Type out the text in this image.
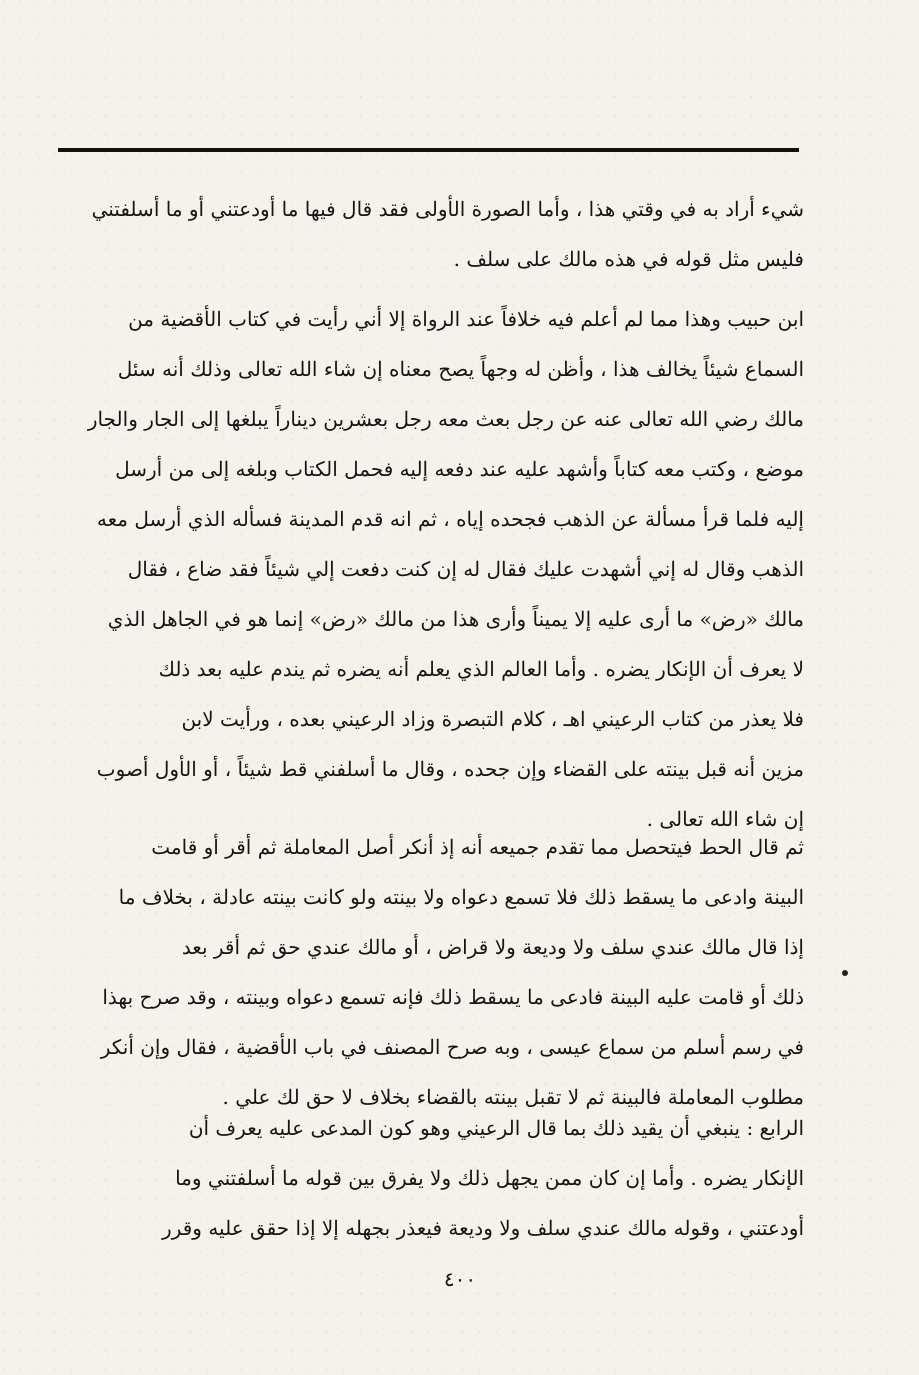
شيء أراد به في وقتي هذا ، وأما الصورة الأولى فقد قال فيها ما أودعتني أو ما أسلفتني
فليس مثل قوله في هذه مالك على سلف .

ابن حبيب وهذا مما لم أعلم فيه خلافاً عند الرواة إلا أني رأيت في كتاب الأقضية من
السماع شيئاً يخالف هذا ، وأظن له وجهاً يصح معناه إن شاء الله تعالى وذلك أنه سئل
مالك رضي الله تعالى عنه عن رجل بعث معه رجل بعشرين ديناراً يبلغها إلى الجار والجار
موضع ، وكتب معه كتاباً وأشهد عليه عند دفعه إليه فحمل الكتاب وبلغه إلى من أرسل
إليه فلما قرأ مسألة عن الذهب فجحده إياه ، ثم انه قدم المدينة فسأله الذي أرسل معه
الذهب وقال له إني أشهدت عليك فقال له إن كنت دفعت إلي شيئاً فقد ضاع ، فقال
مالك «رض» ما أرى عليه إلا يميناً وأرى هذا من مالك «رض» إنما هو في الجاهل الذي
لا يعرف أن الإنكار يضره . وأما العالم الذي يعلم أنه يضره ثم يندم عليه بعد ذلك
فلا يعذر من كتاب الرعيني اهـ ، كلام التبصرة وزاد الرعيني بعده ، ورأيت لابن
مزين أنه قبل بينته على القضاء وإن جحده ، وقال ما أسلفني قط شيئاً ، أو الأول أصوب
إن شاء الله تعالى .

ثم قال الحط فيتحصل مما تقدم جميعه أنه إذ أنكر أصل المعاملة ثم أقر أو قامت
البينة وادعى ما يسقط ذلك فلا تسمع دعواه ولا بينته ولو كانت بينته عادلة ، بخلاف ما
إذا قال مالك عندي سلف ولا وديعة ولا قراض ، أو مالك عندي حق ثم أقر بعد
ذلك أو قامت عليه البينة فادعى ما يسقط ذلك فإنه تسمع دعواه وبينته ، وقد صرح بهذا
في رسم أسلم من سماع عيسى ، وبه صرح المصنف في باب الأقضية ، فقال وإن أنكر
مطلوب المعاملة فالبينة ثم لا تقبل بينته بالقضاء بخلاف لا حق لك علي .

الرابع : ينبغي أن يقيد ذلك بما قال الرعيني وهو كون المدعى عليه يعرف أن
الإنكار يضره . وأما إن كان ممن يجهل ذلك ولا يفرق بين قوله ما أسلفتني وما
أودعتني ، وقوله مالك عندي سلف ولا وديعة فيعذر بجهله إلا إذا حقق عليه وقرر

٤٠٠
